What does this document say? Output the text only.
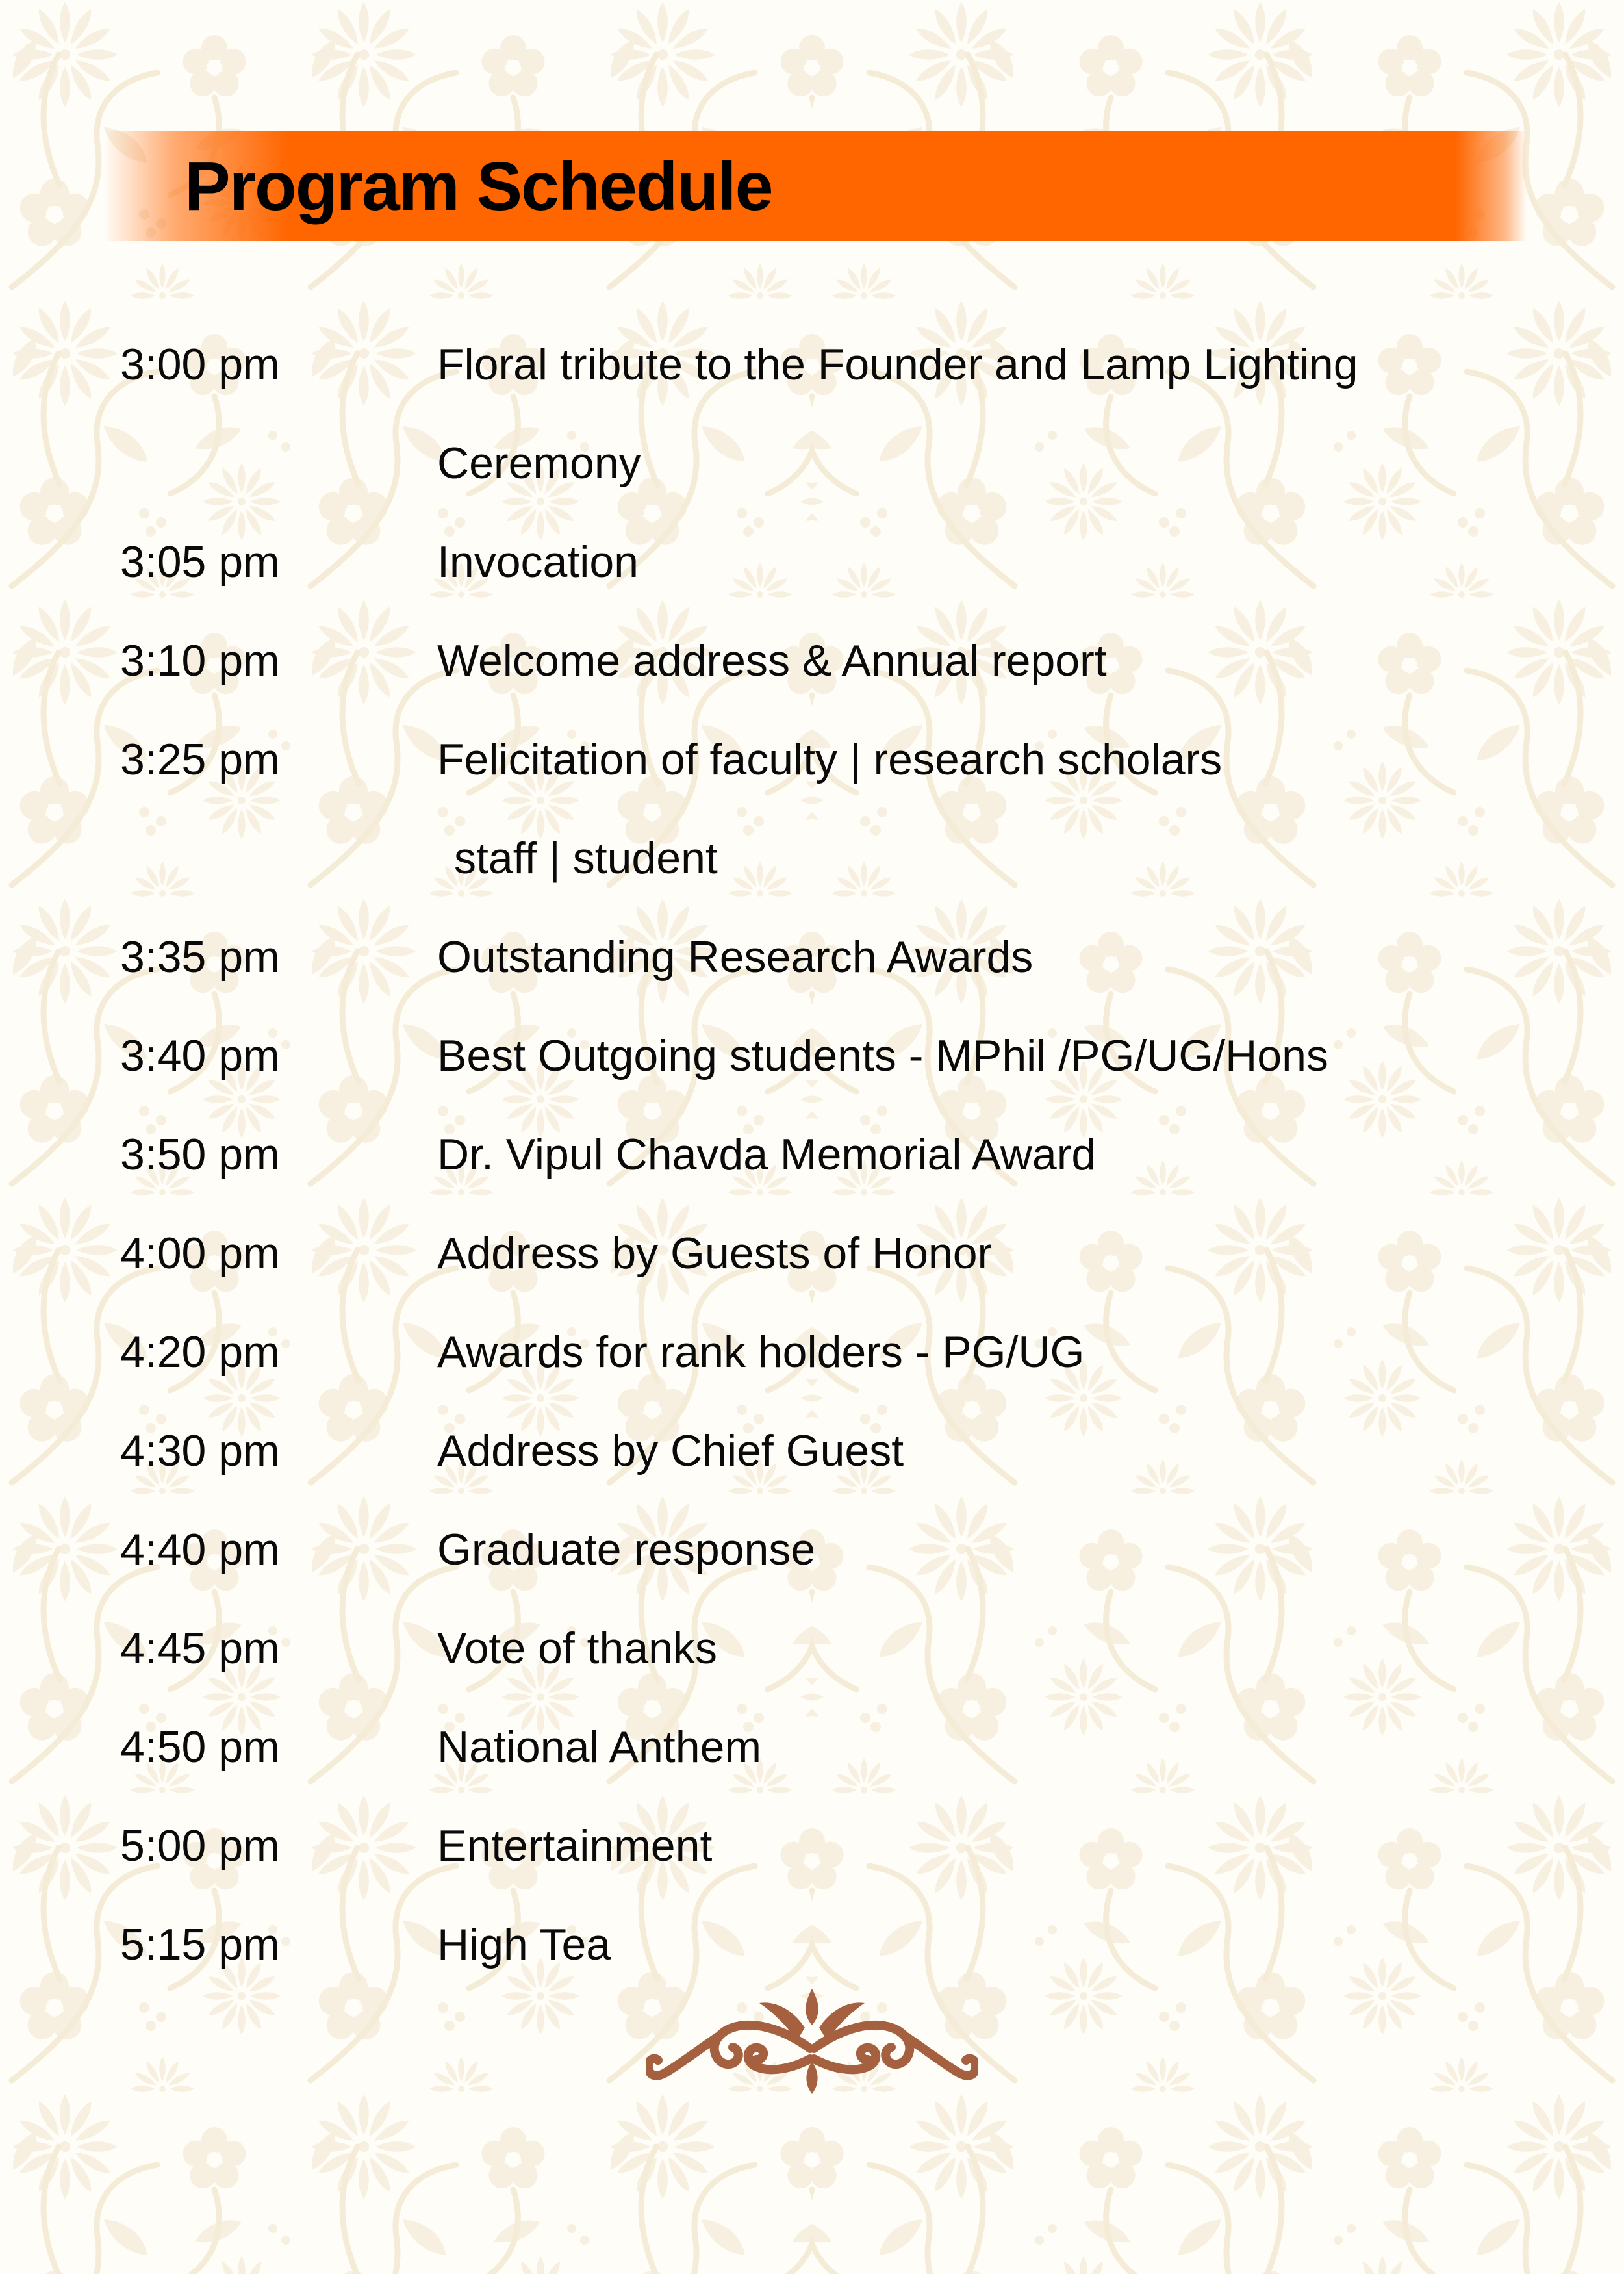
Program Schedule
3:00 pm	Floral tribute to the Founder and Lamp Lighting
Ceremony
3:05 pm	Invocation
3:10 pm	Welcome address & Annual report
3:25 pm	Felicitation of faculty | research scholars
staff | student
3:35 pm	Outstanding Research Awards
3:40 pm	Best Outgoing students - MPhil /PG/UG/Hons
3:50 pm	Dr. Vipul Chavda Memorial Award
4:00 pm	Address by Guests of Honor
4:20 pm	Awards for rank holders - PG/UG
4:30 pm	Address by Chief Guest
4:40 pm	Graduate response
4:45 pm	Vote of thanks
4:50 pm	National Anthem
5:00 pm	Entertainment
5:15 pm	High Tea
